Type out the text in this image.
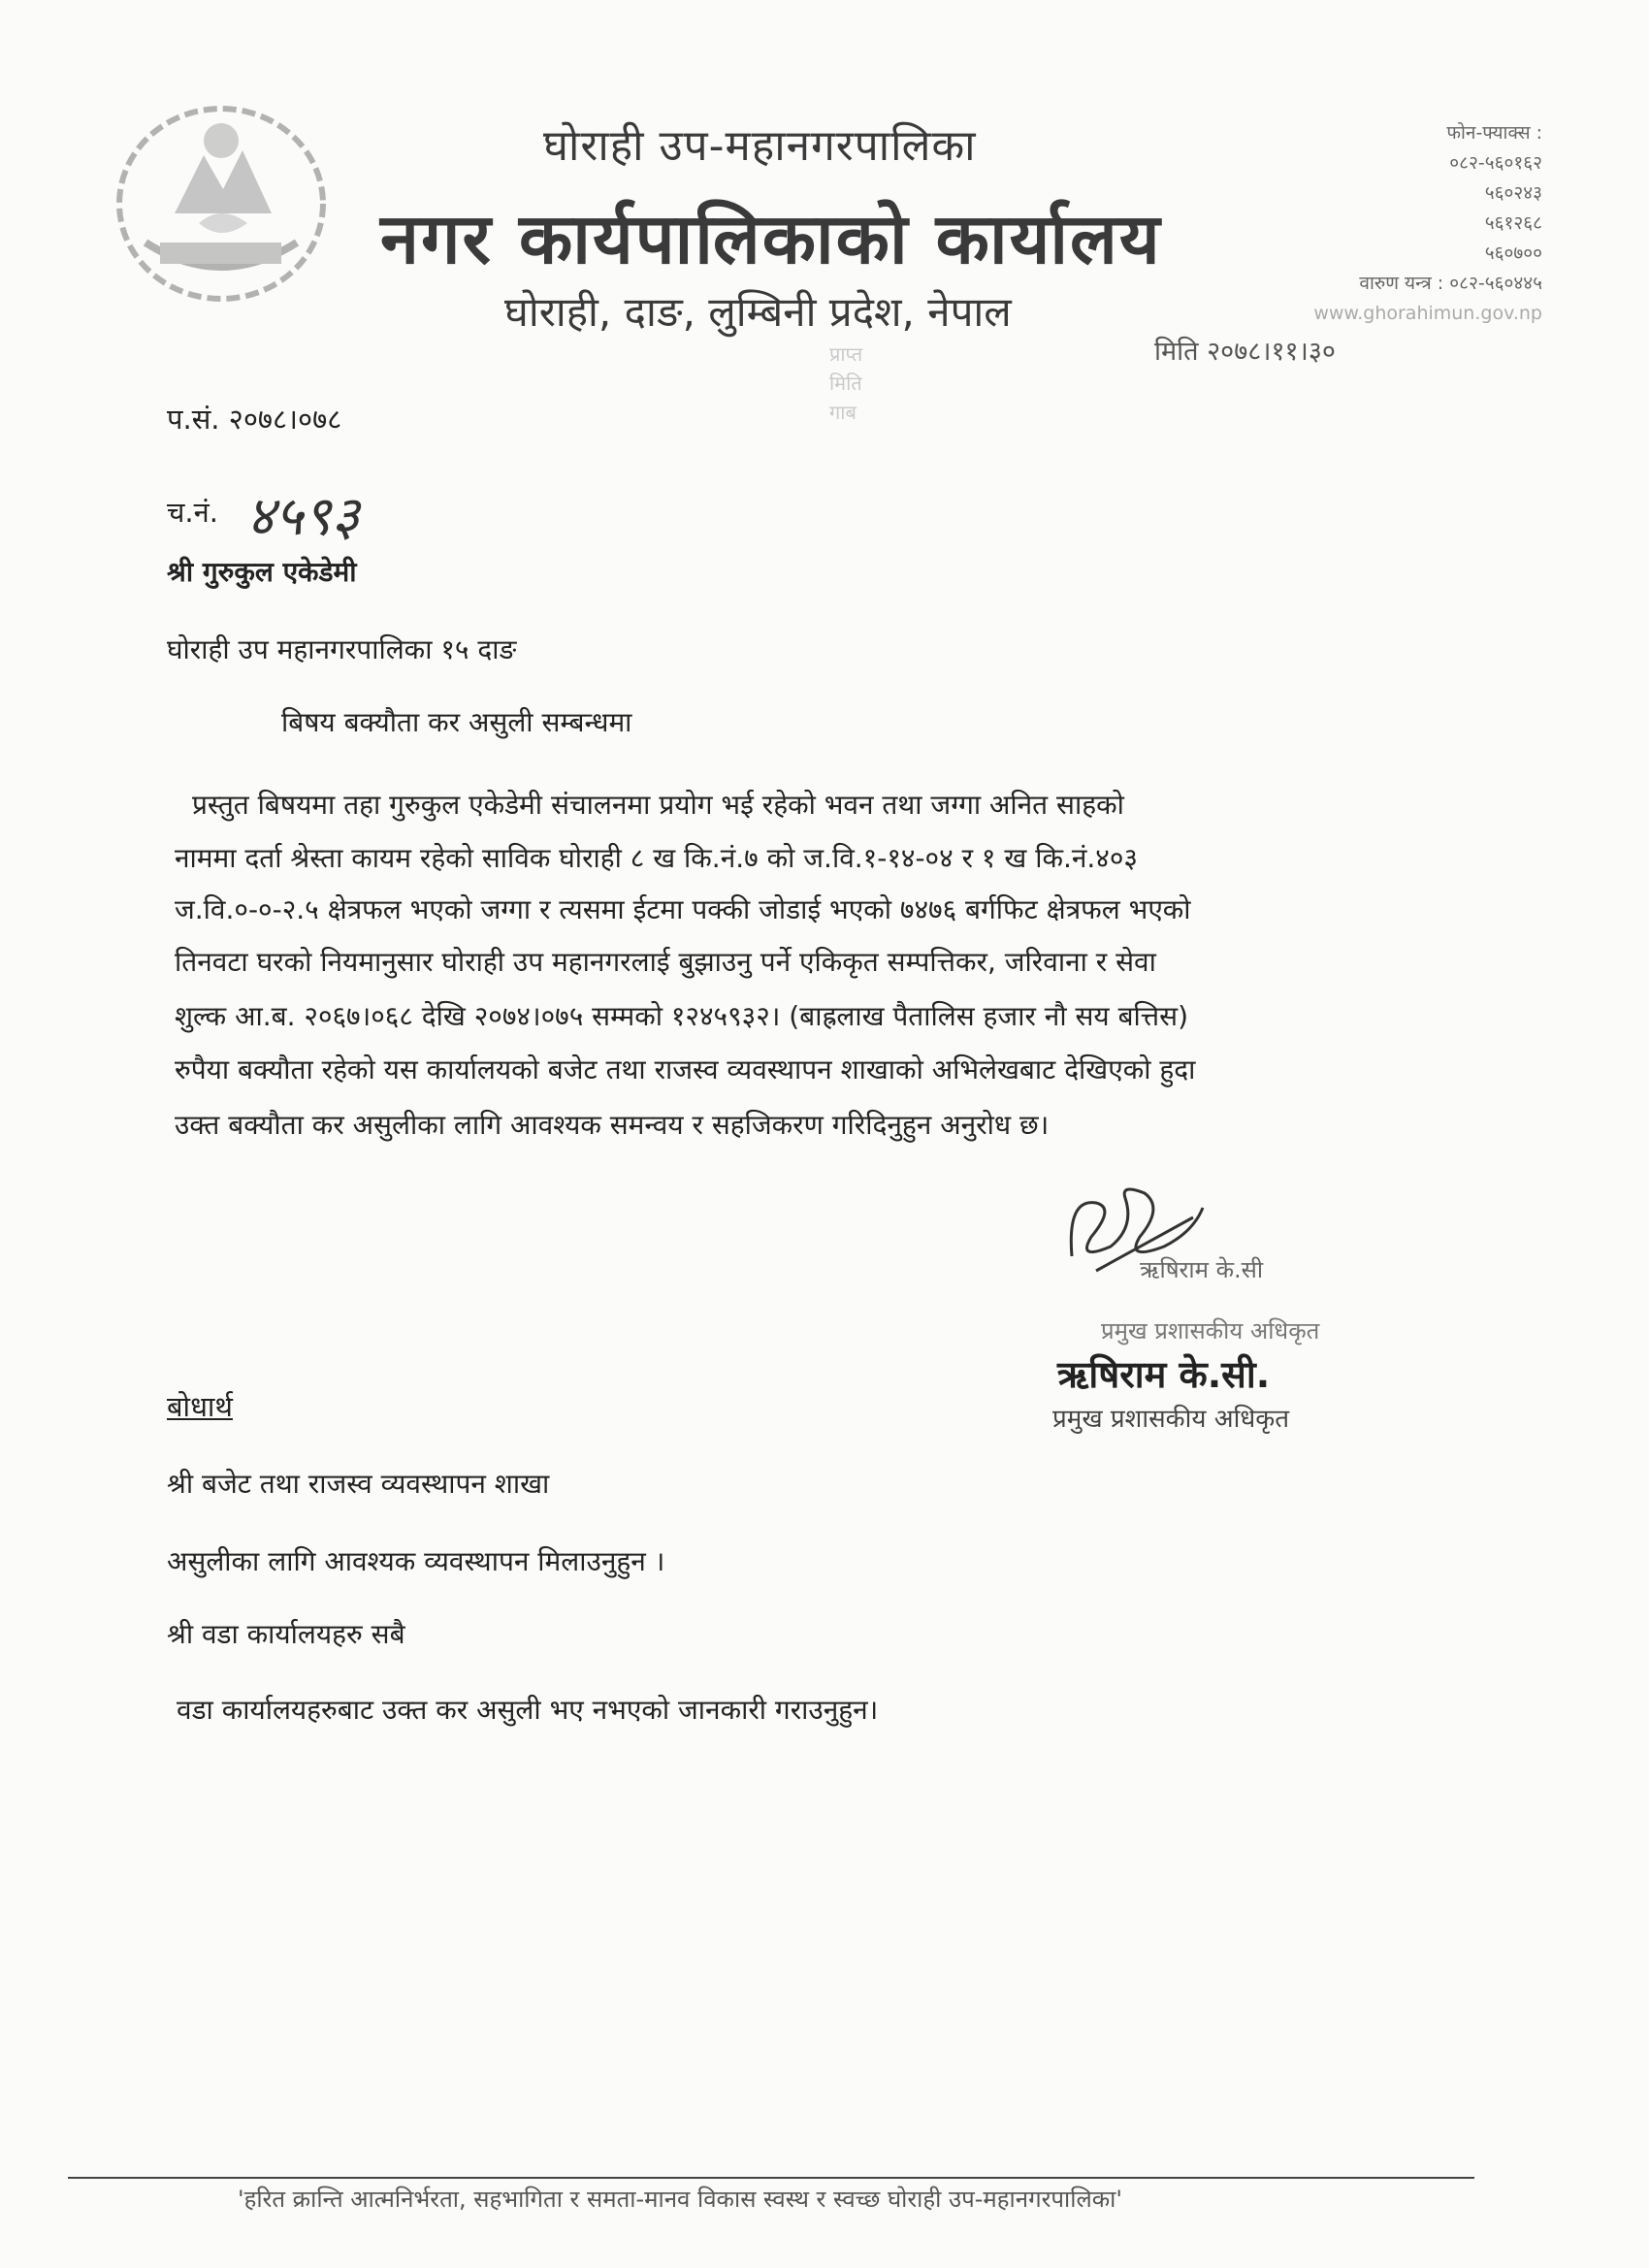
घोराही उप-महानगरपालिका
नगर कार्यपालिकाको कार्यालय
घोराही, दाङ, लुम्बिनी प्रदेश, नेपाल
फोन-फ्याक्स :
०८२-५६०१६२
५६०२४३
५६१२६८
५६०७००
वारुण यन्त्र : ०८२-५६०४४५
www.ghorahimun.gov.np
प्राप्त
मिति
गाब
मिति २०७८।११।३०
प.सं. २०७८।०७८
च.नं. ४५९३
श्री गुरुकुल एकेडेमी
घोराही उप महानगरपालिका १५ दाङ
बिषय बक्यौता कर असुली सम्बन्धमा
प्रस्तुत बिषयमा तहा गुरुकुल एकेडेमी संचालनमा प्रयोग भई रहेको भवन तथा जग्गा अनित साहको
नाममा दर्ता श्रेस्ता कायम रहेको साविक घोराही ८ ख कि.नं.७ को ज.वि.१-१४-०४ र १ ख कि.नं.४०३
ज.वि.०-०-२.५ क्षेत्रफल भएको जग्गा र त्यसमा ईटमा पक्की जोडाई भएको ७४७६ बर्गफिट क्षेत्रफल भएको
तिनवटा घरको नियमानुसार घोराही उप महानगरलाई बुझाउनु पर्ने एकिकृत सम्पत्तिकर, जरिवाना र सेवा
शुल्क आ.ब. २०६७।०६८ देखि २०७४।०७५ सम्मको १२४५९३२। (बाह्रलाख पैतालिस हजार नौ सय बत्तिस)
रुपैया बक्यौता रहेको यस कार्यालयको बजेट तथा राजस्व व्यवस्थापन शाखाको अभिलेखबाट देखिएको हुदा
उक्त बक्यौता कर असुलीका लागि आवश्यक समन्वय र सहजिकरण गरिदिनुहुन अनुरोध छ।
ऋषिराम के.सी
प्रमुख प्रशासकीय अधिकृत
ऋषिराम के.सी.
प्रमुख प्रशासकीय अधिकृत
बोधार्थ
श्री बजेट तथा राजस्व व्यवस्थापन शाखा
असुलीका लागि आवश्यक व्यवस्थापन मिलाउनुहुन ।
श्री वडा कार्यालयहरु सबै
वडा कार्यालयहरुबाट उक्त कर असुली भए नभएको जानकारी गराउनुहुन।
'हरित क्रान्ति आत्मनिर्भरता, सहभागिता र समता-मानव विकास स्वस्थ र स्वच्छ घोराही उप-महानगरपालिका'
